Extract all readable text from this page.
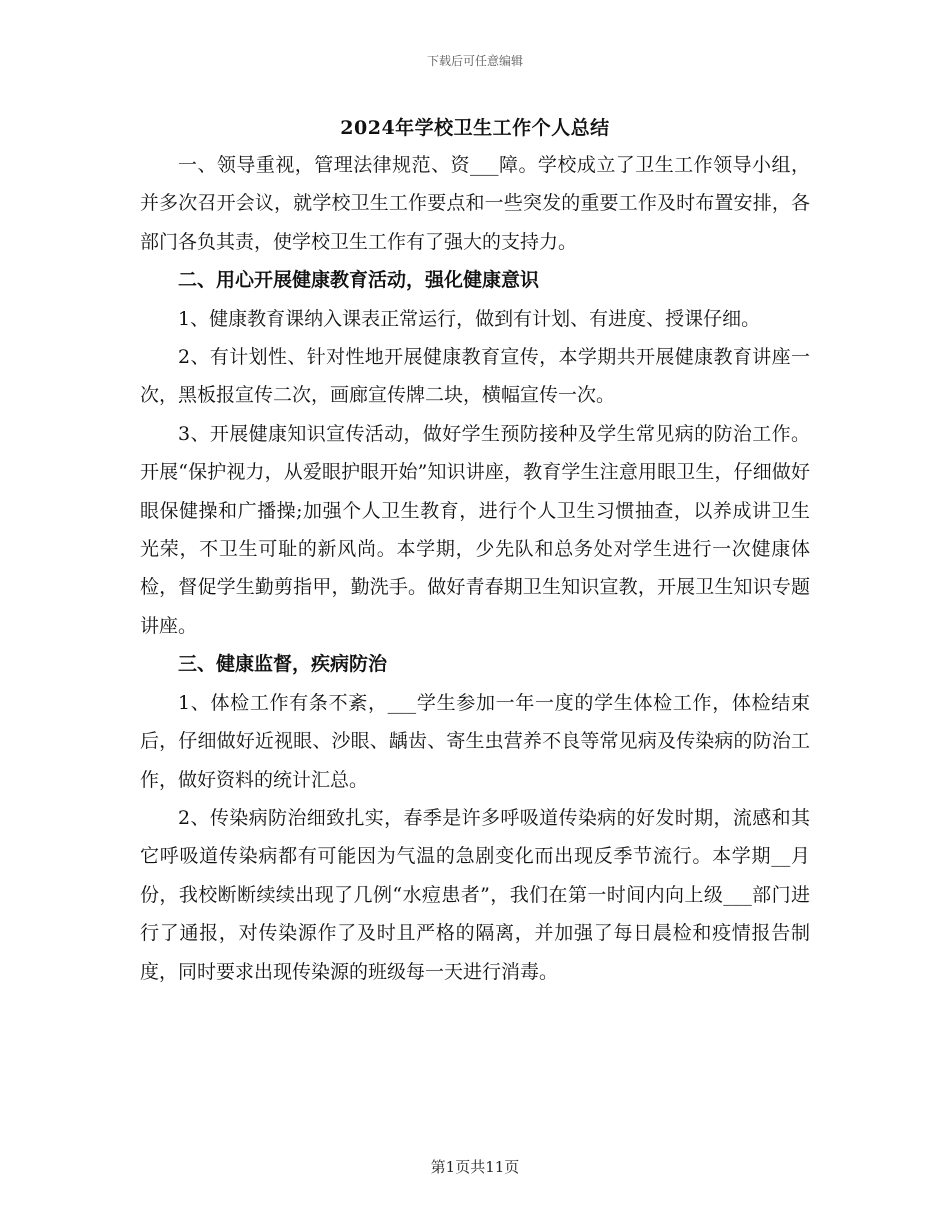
下载后可任意编辑
2024年学校卫生工作个人总结

一、领导重视，管理法律规范、资___障。学校成立了卫生工作领导小组，并多次召开会议，就学校卫生工作要点和一些突发的重要工作及时布置安排，各部门各负其责，使学校卫生工作有了强大的支持力。

二、用心开展健康教育活动，强化健康意识

1、健康教育课纳入课表正常运行，做到有计划、有进度、授课仔细。

2、有计划性、针对性地开展健康教育宣传，本学期共开展健康教育讲座一次，黑板报宣传二次，画廊宣传牌二块，横幅宣传一次。

3、开展健康知识宣传活动，做好学生预防接种及学生常见病的防治工作。开展“保护视力，从爱眼护眼开始”知识讲座，教育学生注意用眼卫生，仔细做好眼保健操和广播操;加强个人卫生教育，进行个人卫生习惯抽查，以养成讲卫生光荣，不卫生可耻的新风尚。本学期，少先队和总务处对学生进行一次健康体检，督促学生勤剪指甲，勤洗手。做好青春期卫生知识宣教，开展卫生知识专题讲座。

三、健康监督，疾病防治

1、体检工作有条不紊，___学生参加一年一度的学生体检工作，体检结束后，仔细做好近视眼、沙眼、龋齿、寄生虫营养不良等常见病及传染病的防治工作，做好资料的统计汇总。

2、传染病防治细致扎实，春季是许多呼吸道传染病的好发时期，流感和其它呼吸道传染病都有可能因为气温的急剧变化而出现反季节流行。本学期__月份，我校断断续续出现了几例“水痘患者”，我们在第一时间内向上级___部门进行了通报，对传染源作了及时且严格的隔离，并加强了每日晨检和疫情报告制度，同时要求出现传染源的班级每一天进行消毒。

第1页共11页
